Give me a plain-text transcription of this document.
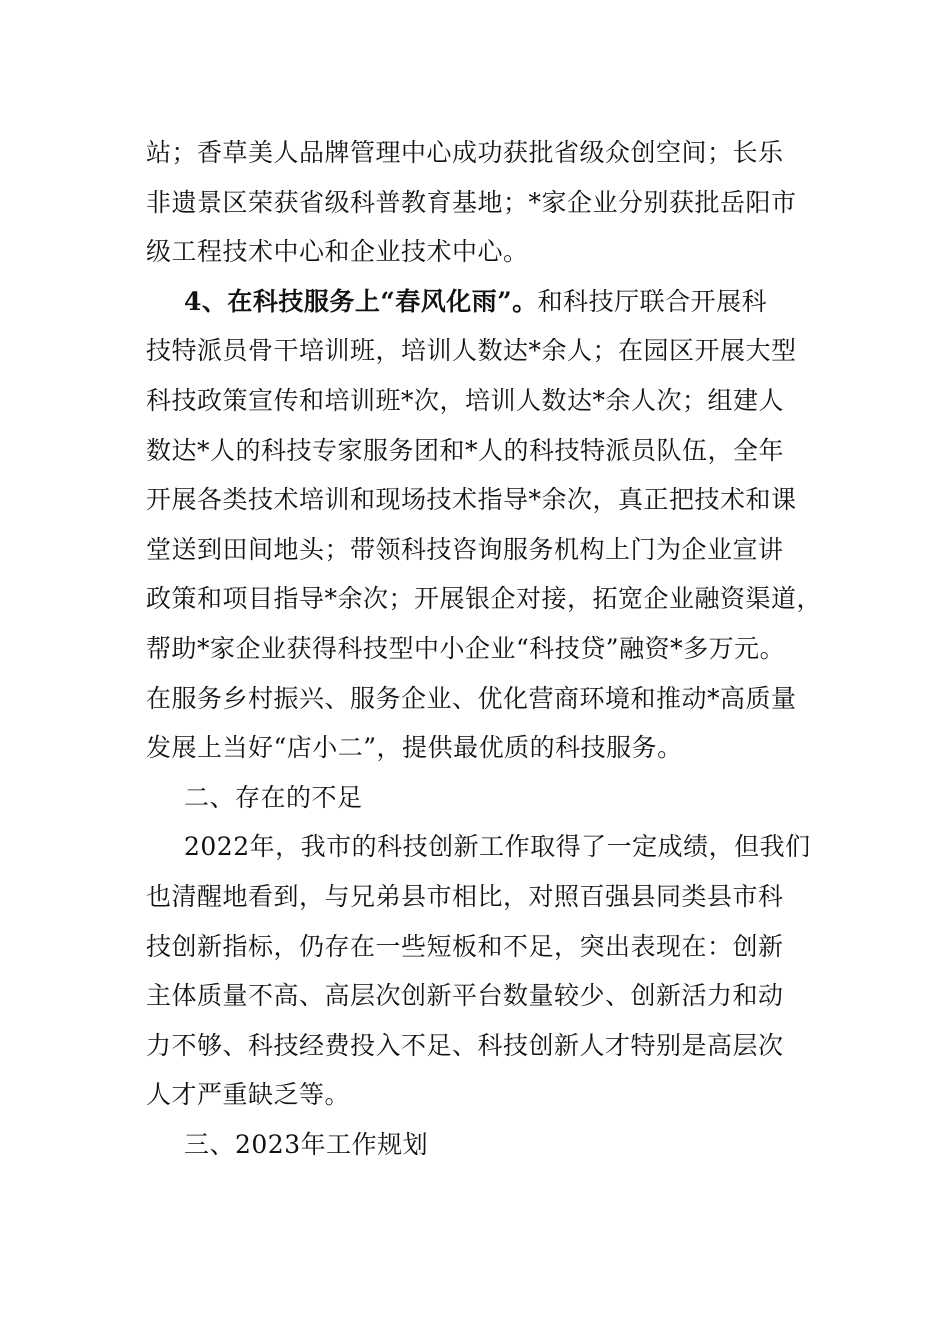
站；香草美人品牌管理中心成功获批省级众创空间；长乐
非遗景区荣获省级科普教育基地；*家企业分别获批岳阳市
级工程技术中心和企业技术中心。
4、在科技服务上“春风化雨”。和科技厅联合开展科
技特派员骨干培训班，培训人数达*余人；在园区开展大型
科技政策宣传和培训班*次，培训人数达*余人次；组建人
数达*人的科技专家服务团和*人的科技特派员队伍，全年
开展各类技术培训和现场技术指导*余次，真正把技术和课
堂送到田间地头；带领科技咨询服务机构上门为企业宣讲
政策和项目指导*余次；开展银企对接，拓宽企业融资渠道，
帮助*家企业获得科技型中小企业“科技贷”融资*多万元。
在服务乡村振兴、服务企业、优化营商环境和推动*高质量
发展上当好“店小二”，提供最优质的科技服务。
二、存在的不足
2022年，我市的科技创新工作取得了一定成绩，但我们
也清醒地看到，与兄弟县市相比，对照百强县同类县市科
技创新指标，仍存在一些短板和不足，突出表现在：创新
主体质量不高、高层次创新平台数量较少、创新活力和动
力不够、科技经费投入不足、科技创新人才特别是高层次
人才严重缺乏等。
三、2023年工作规划
